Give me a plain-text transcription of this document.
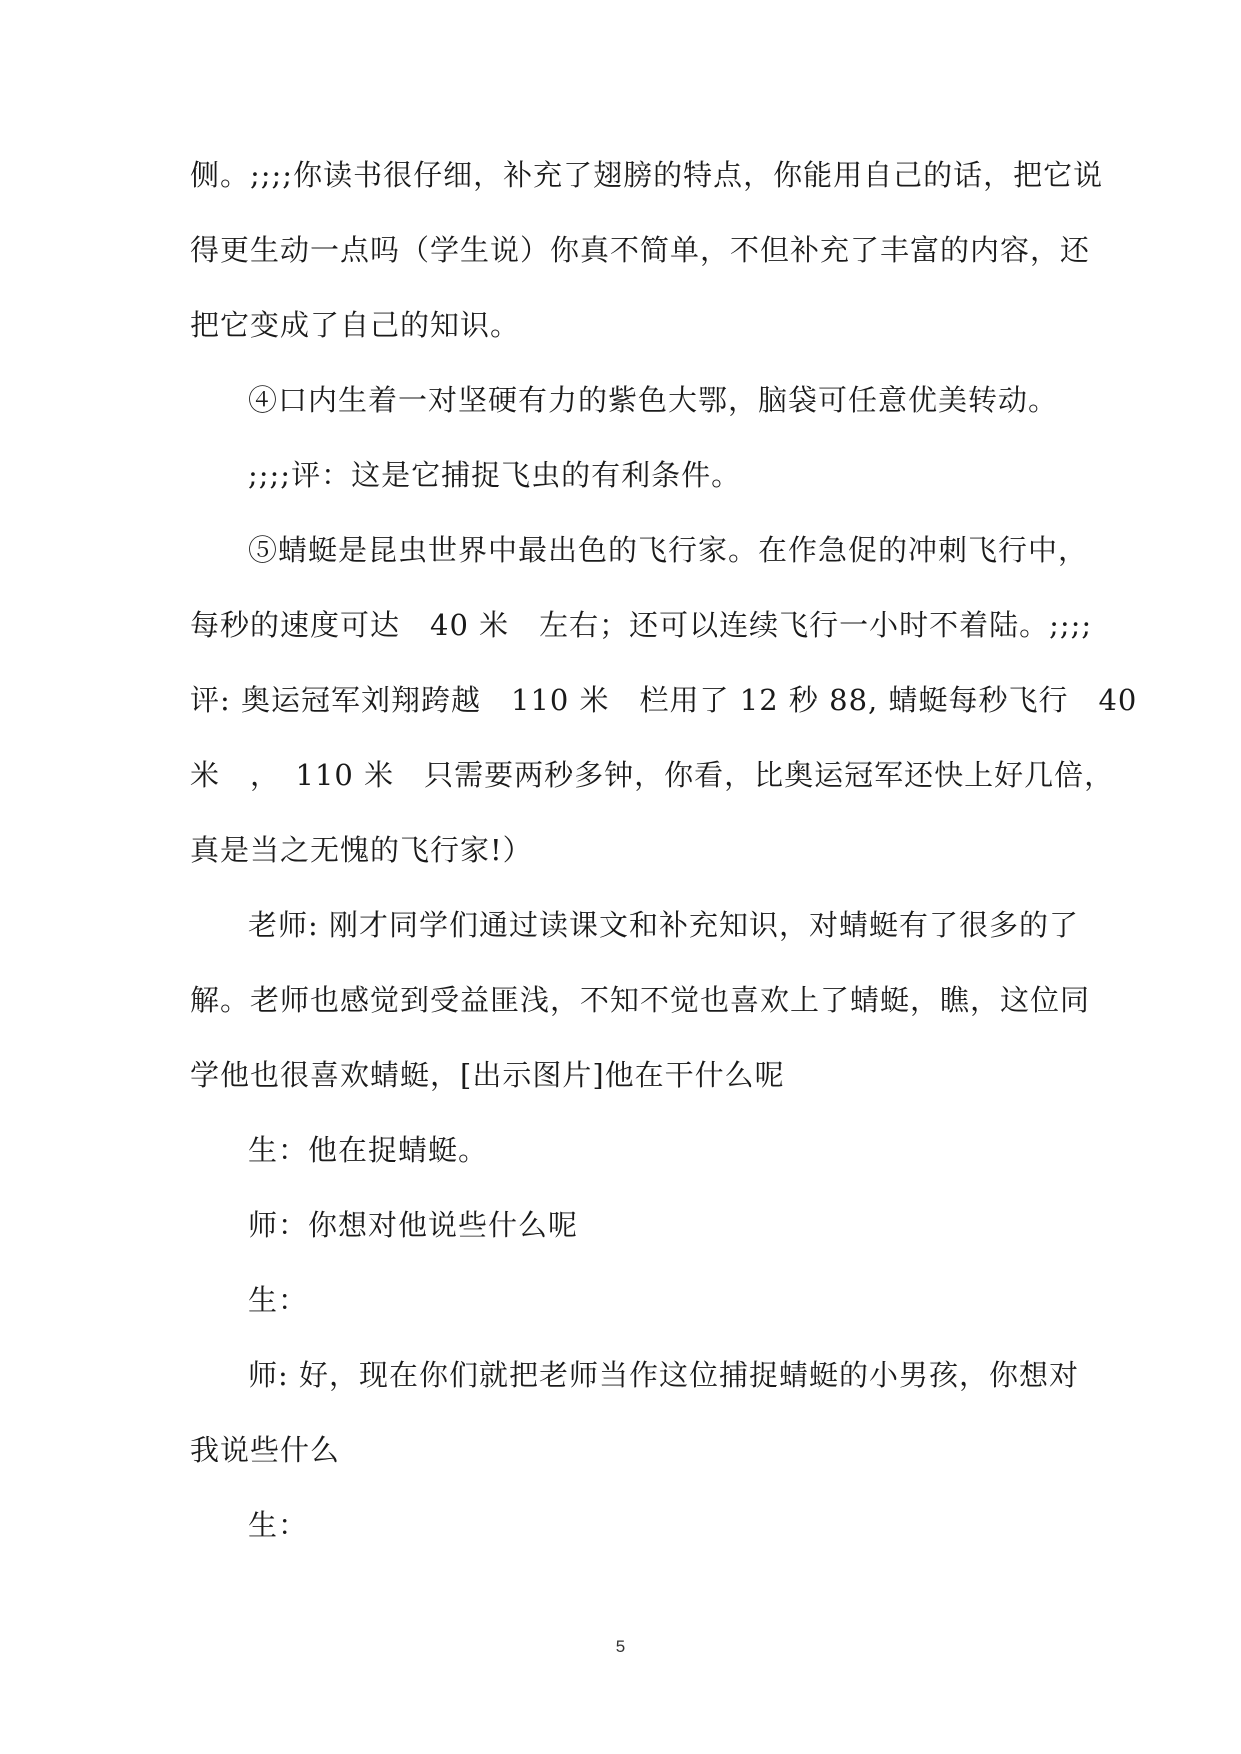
侧。;;;;你读书很仔细，补充了翅膀的特点，你能用自己的话，把它说

得更生动一点吗（学生说）你真不简单，不但补充了丰富的内容，还

把它变成了自己的知识。

④口内生着一对坚硬有力的紫色大鄂，脑袋可任意优美转动。

;;;;评：这是它捕捉飞虫的有利条件。

⑤蜻蜓是昆虫世界中最出色的飞行家。在作急促的冲刺飞行中，

每秒的速度可达　40 米　左右；还可以连续飞行一小时不着陆。;;;;

评: 奥运冠军刘翔跨越　110 米　栏用了 12 秒 88, 蜻蜓每秒飞行　40

米　，　110 米　只需要两秒多钟，你看，比奥运冠军还快上好几倍，

真是当之无愧的飞行家!）

老师: 刚才同学们通过读课文和补充知识，对蜻蜓有了很多的了

解。老师也感觉到受益匪浅，不知不觉也喜欢上了蜻蜓，瞧，这位同

学他也很喜欢蜻蜓，[出示图片]他在干什么呢

生：他在捉蜻蜓。

师：你想对他说些什么呢

生：

师: 好，现在你们就把老师当作这位捕捉蜻蜓的小男孩，你想对

我说些什么

生：

5
